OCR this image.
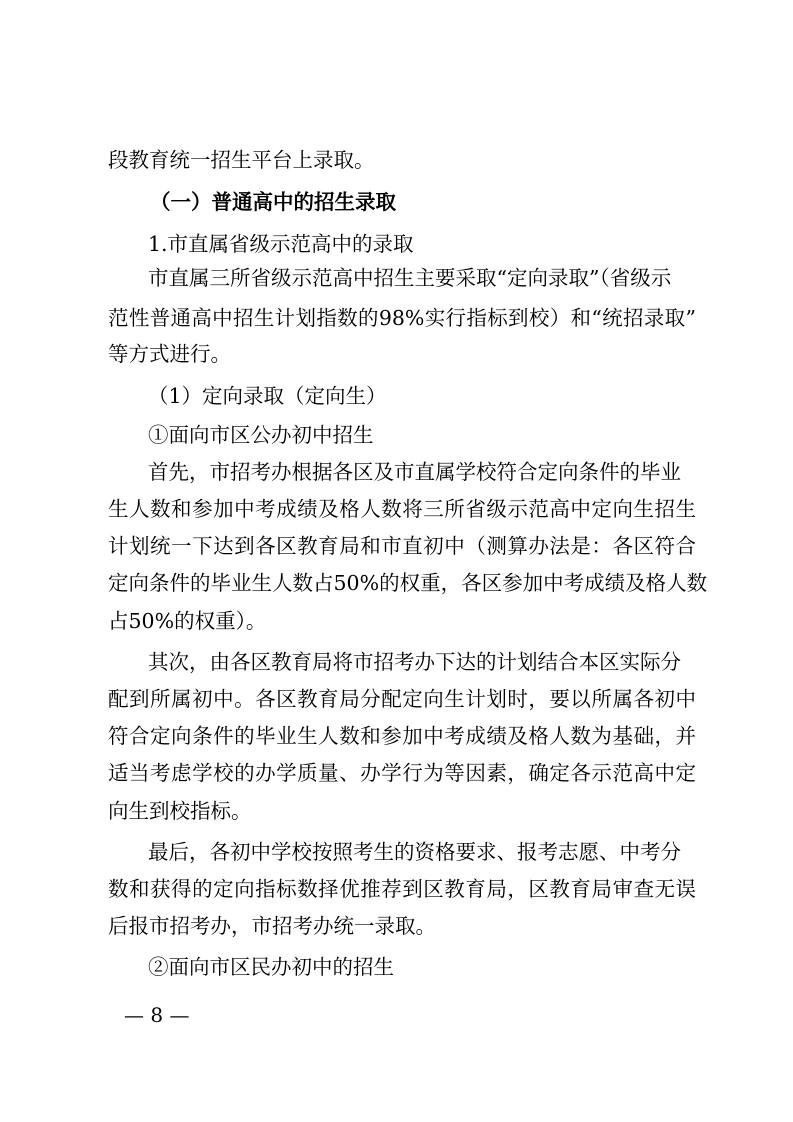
段教育统一招生平台上录取。
（一）普通高中的招生录取
1.市直属省级示范高中的录取
市直属三所省级示范高中招生主要采取“定向录取”（省级示
范性普通高中招生计划指数的98%实行指标到校）和“统招录取”
等方式进行。
（1）定向录取（定向生）
①面向市区公办初中招生
首先，市招考办根据各区及市直属学校符合定向条件的毕业
生人数和参加中考成绩及格人数将三所省级示范高中定向生招生
计划统一下达到各区教育局和市直初中（测算办法是：各区符合
定向条件的毕业生人数占50%的权重，各区参加中考成绩及格人数
占50%的权重）。
其次，由各区教育局将市招考办下达的计划结合本区实际分
配到所属初中。各区教育局分配定向生计划时，要以所属各初中
符合定向条件的毕业生人数和参加中考成绩及格人数为基础，并
适当考虑学校的办学质量、办学行为等因素，确定各示范高中定
向生到校指标。
最后，各初中学校按照考生的资格要求、报考志愿、中考分
数和获得的定向指标数择优推荐到区教育局，区教育局审查无误
后报市招考办，市招考办统一录取。
②面向市区民办初中的招生
— 8 —
